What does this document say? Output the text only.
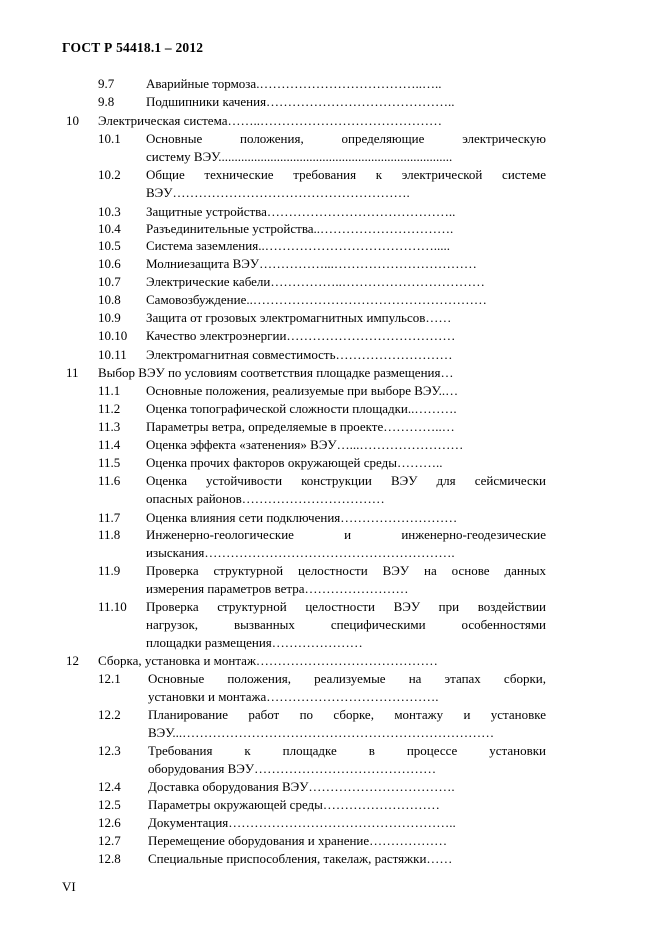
ГОСТ Р 54418.1 – 2012
9.7 Аварийные тормоза.………………………………..…..
9.8 Подшипники качения……………………………………..
10 Электрическая система……..……………………………………
10.1 Основные положения, определяющие электрическую
систему ВЭУ........................................................................
10.2 Общие технические требования к электрической системе
ВЭУ……………………………………………….
10.3 Защитные устройства……………………………………..
10.4 Разъединительные устройства..………………………….
10.5 Система заземления..………………………………….....
10.6 Молниезащита ВЭУ……………...……………………………
10.7 Электрические кабели……………..……………………………
10.8 Самовозбуждение..………………………………………………
10.9 Защита от грозовых электромагнитных импульсов……
10.10 Качество электроэнергии…………………………………
10.11 Электромагнитная совместимость………………………
11 Выбор ВЭУ по условиям соответствия площадке размещения…
11.1 Основные положения, реализуемые при выборе ВЭУ..…
11.2 Оценка топографической сложности площадки..……….
11.3 Параметры ветра, определяемые в проекте…………..…
11.4 Оценка эффекта «затенения» ВЭУ…...……………………
11.5 Оценка прочих факторов окружающей среды………..
11.6 Оценка устойчивости конструкции ВЭУ для сейсмически
опасных районов……………………………
11.7 Оценка влияния сети подключения………………………
11.8 Инженерно-геологические и инженерно-геодезические
изыскания………………………………………………….
11.9 Проверка структурной целостности ВЭУ на основе данных
измерения параметров ветра……………………
11.10 Проверка структурной целостности ВЭУ при воздействии
нагрузок, вызванных специфическими особенностями
площадки размещения…………………
12 Сборка, установка и монтаж……………………………………
12.1 Основные положения, реализуемые на этапах сборки,
установки и монтажа………………………………….
12.2 Планирование работ по сборке, монтажу и установке
ВЭУ...………………………………………………………………
12.3 Требования к площадке в процессе установки
оборудования ВЭУ……………………………………
12.4 Доставка оборудования ВЭУ…………………………….
12.5 Параметры окружающей среды………………………
12.6 Документация……………………………………………..
12.7 Перемещение оборудования и хранение………………
12.8 Специальные приспособления, такелаж, растяжки……
VI
